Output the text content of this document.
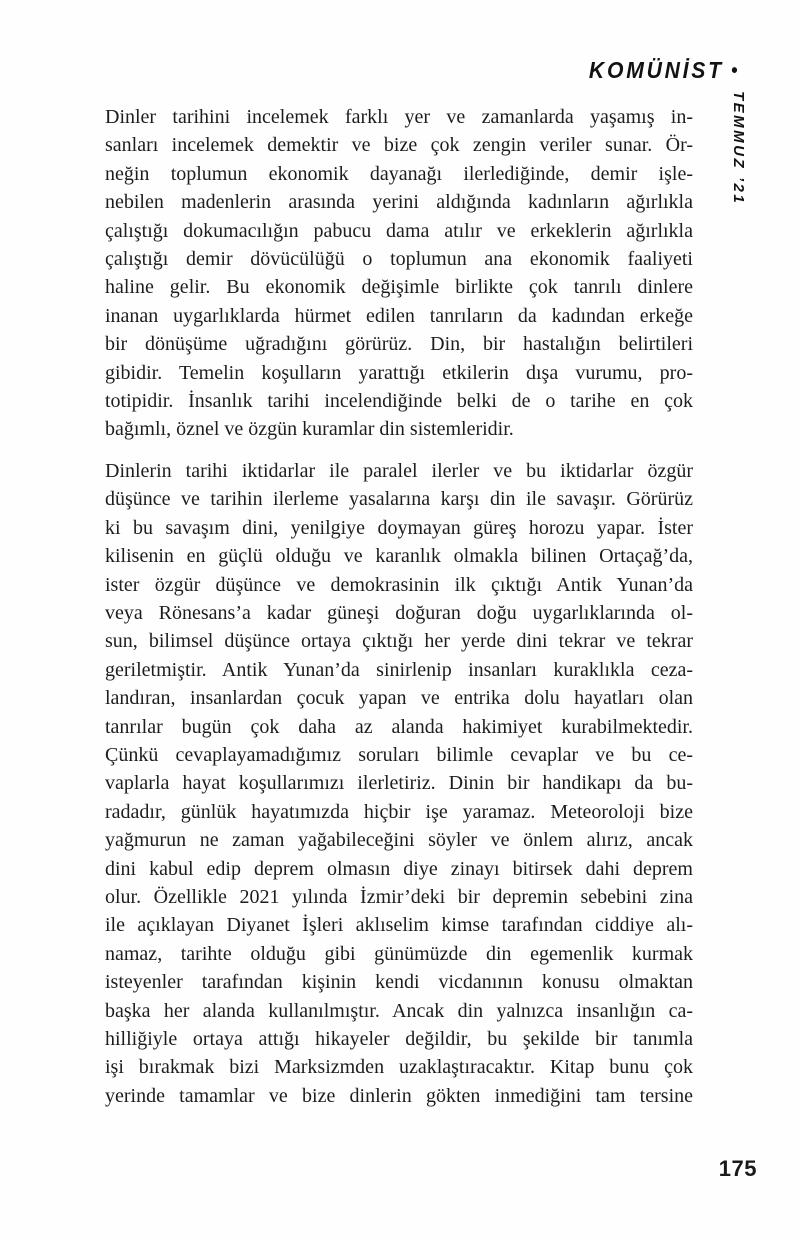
KOMÜNİST •
TEMMUZ ’21
Dinler tarihini incelemek farklı yer ve zamanlarda yaşamış in-
sanları incelemek demektir ve bize çok zengin veriler sunar. Ör-
neğin toplumun ekonomik dayanağı ilerlediğinde, demir işle-
nebilen madenlerin arasında yerini aldığında kadınların ağırlıkla
çalıştığı dokumacılığın pabucu dama atılır ve erkeklerin ağırlıkla
çalıştığı demir dövücülüğü o toplumun ana ekonomik faaliyeti
haline gelir. Bu ekonomik değişimle birlikte çok tanrılı dinlere
inanan uygarlıklarda hürmet edilen tanrıların da kadından erkeğe
bir dönüşüme uğradığını görürüz. Din, bir hastalığın belirtileri
gibidir. Temelin koşulların yarattığı etkilerin dışa vurumu, pro-
totipidir. İnsanlık tarihi incelendiğinde belki de o tarihe en çok
bağımlı, öznel ve özgün kuramlar din sistemleridir.
Dinlerin tarihi iktidarlar ile paralel ilerler ve bu iktidarlar özgür
düşünce ve tarihin ilerleme yasalarına karşı din ile savaşır. Görürüz
ki bu savaşım dini, yenilgiye doymayan güreş horozu yapar. İster
kilisenin en güçlü olduğu ve karanlık olmakla bilinen Ortaçağ’da,
ister özgür düşünce ve demokrasinin ilk çıktığı Antik Yunan’da
veya Rönesans’a kadar güneşi doğuran doğu uygarlıklarında ol-
sun, bilimsel düşünce ortaya çıktığı her yerde dini tekrar ve tekrar
geriletmiştir. Antik Yunan’da sinirlenip insanları kuraklıkla ceza-
landıran, insanlardan çocuk yapan ve entrika dolu hayatları olan
tanrılar bugün çok daha az alanda hakimiyet kurabilmektedir.
Çünkü cevaplayamadığımız soruları bilimle cevaplar ve bu ce-
vaplarla hayat koşullarımızı ilerletiriz. Dinin bir handikapı da bu-
radadır, günlük hayatımızda hiçbir işe yaramaz. Meteoroloji bize
yağmurun ne zaman yağabileceğini söyler ve önlem alırız, ancak
dini kabul edip deprem olmasın diye zinayı bitirsek dahi deprem
olur. Özellikle 2021 yılında İzmir’deki bir depremin sebebini zina
ile açıklayan Diyanet İşleri aklıselim kimse tarafından ciddiye alı-
namaz, tarihte olduğu gibi günümüzde din egemenlik kurmak
isteyenler tarafından kişinin kendi vicdanının konusu olmaktan
başka her alanda kullanılmıştır. Ancak din yalnızca insanlığın ca-
hilliğiyle ortaya attığı hikayeler değildir, bu şekilde bir tanımla
işi bırakmak bizi Marksizmden uzaklaştıracaktır. Kitap bunu çok
yerinde tamamlar ve bize dinlerin gökten inmediğini tam tersine
175
